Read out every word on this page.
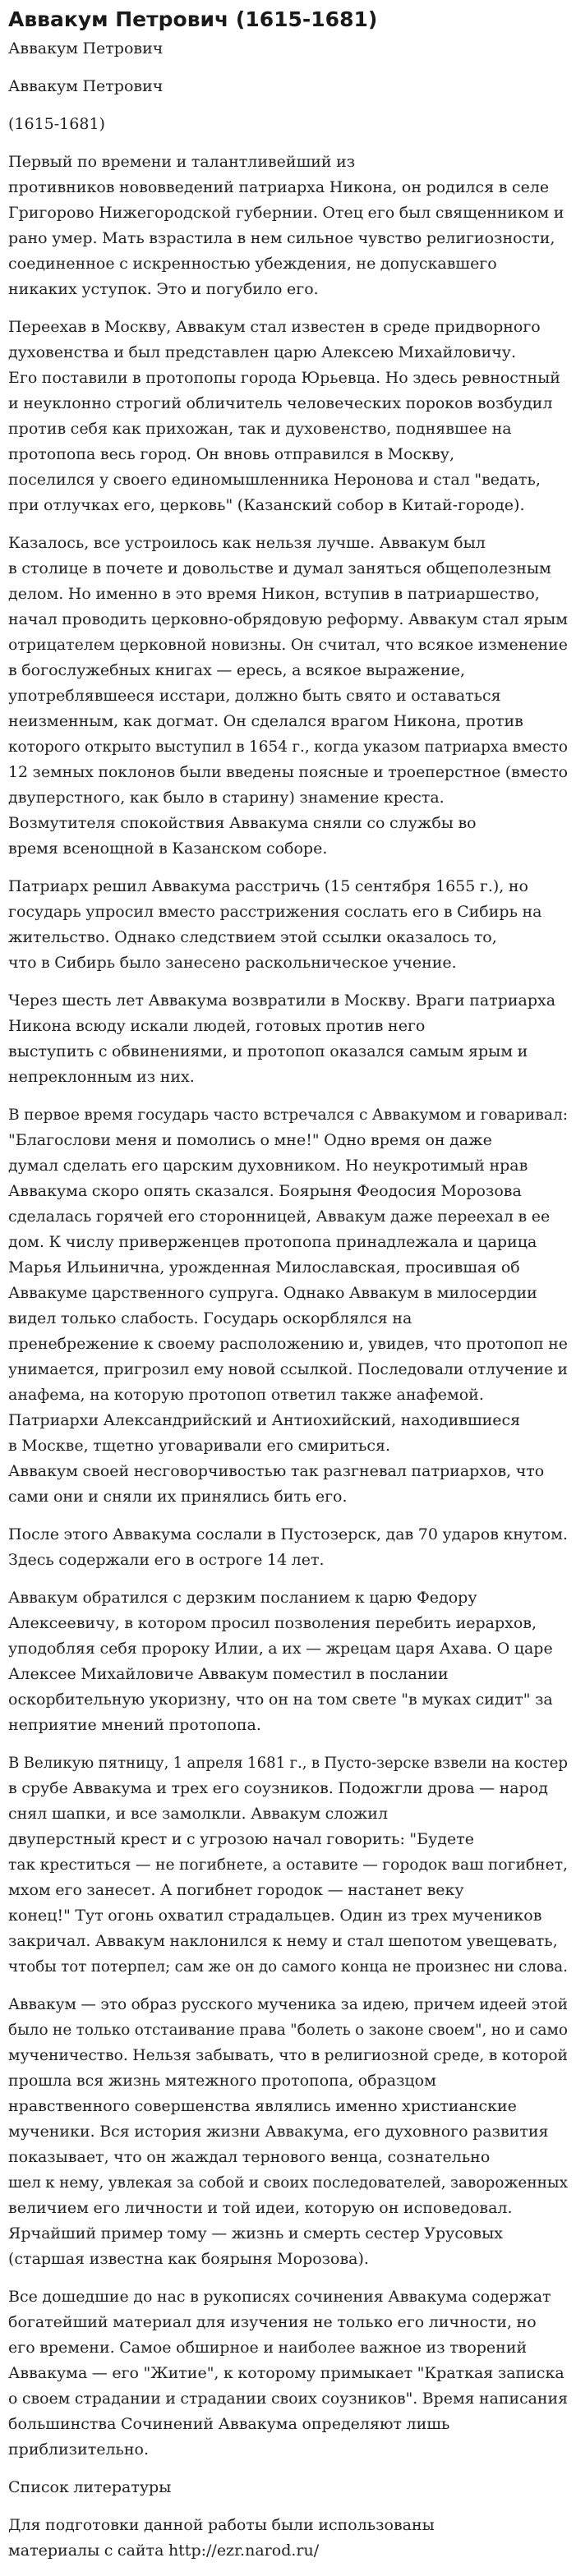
Аввакум Петрович (1615-1681)

Аввакум Петрович

Аввакум Петрович

(1615-1681)

Первый по времени и талантливейший из
противников нововведений патриарха Никона, он родился в селе
Григорово Нижегородской губернии. Отец его был священником и
рано умер. Мать взрастила в нем сильное чувство религиозности,
соединенное с искренностью убеждения, не допускавшего
никаких уступок. Это и погубило его.

Переехав в Москву, Аввакум стал известен в среде придворного
духовенства и был представлен царю Алексею Михайловичу.
Его поставили в протопопы города Юрьевца. Но здесь ревностный
и неуклонно строгий обличитель человеческих пороков возбудил
против себя как прихожан, так и духовенство, поднявшее на
протопопа весь город. Он вновь отправился в Москву,
поселился у своего единомышленника Неронова и стал "ведать,
при отлучках его, церковь" (Казанский собор в Китай-городе).

Казалось, все устроилось как нельзя лучше. Аввакум был
в столице в почете и довольстве и думал заняться общеполезным
делом. Но именно в это время Никон, вступив в патриаршество,
начал проводить церковно-обрядовую реформу. Аввакум стал ярым
отрицателем церковной новизны. Он считал, что всякое изменение
в богослужебных книгах — ересь, а всякое выражение,
употреблявшееся исстари, должно быть свято и оставаться
неизменным, как догмат. Он сделался врагом Никона, против
которого открыто выступил в 1654 г., когда указом патриарха вместо
12 земных поклонов были введены поясные и троеперстное (вместо
двуперстного, как было в старину) знамение креста.
Возмутителя спокойствия Аввакума сняли со службы во
время всенощной в Казанском соборе.

Патриарх решил Аввакума расстричь (15 сентября 1655 г.), но
государь упросил вместо расстрижения сослать его в Сибирь на
жительство. Однако следствием этой ссылки оказалось то,
что в Сибирь было занесено раскольническое учение.

Через шесть лет Аввакума возвратили в Москву. Враги патриарха
Никона всюду искали людей, готовых против него
выступить с обвинениями, и протопоп оказался самым ярым и
непреклонным из них.

В первое время государь часто встречался с Аввакумом и говаривал:
"Благослови меня и помолись о мне!" Одно время он даже
думал сделать его царским духовником. Но неукротимый нрав
Аввакума скоро опять сказался. Боярыня Феодосия Морозова
сделалась горячей его сторонницей, Аввакум даже переехал в ее
дом. К числу приверженцев протопопа принадлежала и царица
Марья Ильинична, урожденная Милославская, просившая об
Аввакуме царственного супруга. Однако Аввакум в милосердии
видел только слабость. Государь оскорблялся на
пренебрежение к своему расположению и, увидев, что протопоп не
унимается, пригрозил ему новой ссылкой. Последовали отлучение и
анафема, на которую протопоп ответил также анафемой.
Патриархи Александрийский и Антиохийский, находившиеся
в Москве, тщетно уговаривали его смириться.
Аввакум своей несговорчивостью так разгневал патриархов, что
сами они и сняли их принялись бить его.

После этого Аввакума сослали в Пустозерск, дав 70 ударов кнутом.
Здесь содержали его в остроге 14 лет.

Аввакум обратился с дерзким посланием к царю Федору
Алексеевичу, в котором просил позволения перебить иерархов,
уподобляя себя пророку Илии, а их — жрецам царя Ахава. О царе
Алексее Михайловиче Аввакум поместил в послании
оскорбительную укоризну, что он на том свете "в муках сидит" за
неприятие мнений протопопа.

В Великую пятницу, 1 апреля 1681 г., в Пусто-зерске взвели на костер
в срубе Аввакума и трех его соузников. Подожгли дрова — народ
снял шапки, и все замолкли. Аввакум сложил
двуперстный крест и с угрозою начал говорить: "Будете
так креститься — не погибнете, а оставите — городок ваш погибнет,
мхом его занесет. А погибнет городок — настанет веку
конец!" Тут огонь охватил страдальцев. Один из трех мучеников
закричал. Аввакум наклонился к нему и стал шепотом увещевать,
чтобы тот потерпел; сам же он до самого конца не произнес ни слова.

Аввакум — это образ русского мученика за идею, причем идеей этой
было не только отстаивание права "болеть о законе своем", но и само
мученичество. Нельзя забывать, что в религиозной среде, в которой
прошла вся жизнь мятежного протопопа, образцом
нравственного совершенства являлись именно христианские
мученики. Вся история жизни Аввакума, его духовного развития
показывает, что он жаждал тернового венца, сознательно
шел к нему, увлекая за собой и своих последователей, завороженных
величием его личности и той идеи, которую он исповедовал.
Ярчайший пример тому — жизнь и смерть сестер Урусовых
(старшая известна как боярыня Морозова).

Все дошедшие до нас в рукописях сочинения Аввакума содержат
богатейший материал для изучения не только его личности, но
его времени. Самое обширное и наиболее важное из творений
Аввакума — его "Житие", к которому примыкает "Краткая записка
о своем страдании и страдании своих соузников". Время написания
большинства Сочинений Аввакума определяют лишь
приблизительно.

Список литературы

Для подготовки данной работы были использованы
материалы с сайта http://ezr.narod.ru/
